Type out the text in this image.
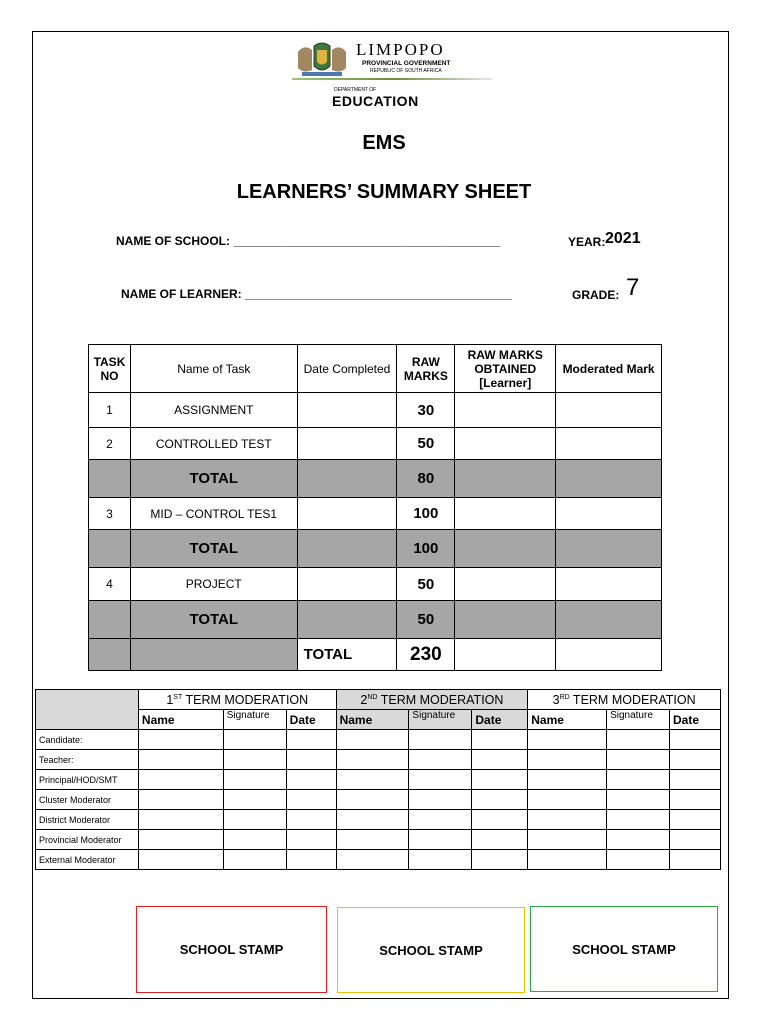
LIMPOPO
PROVINCIAL GOVERNMENT
REPUBLIC OF SOUTH AFRICA
DEPARTMENT OF
EDUCATION
EMS
LEARNERS’ SUMMARY SHEET
NAME OF SCHOOL: ________________________________________	YEAR: 2021
NAME OF LEARNER: ________________________________________	GRADE: 7
TASK NO	Name of Task	Date Completed	RAW MARKS	RAW MARKS OBTAINED [Learner]	Moderated Mark
1	ASSIGNMENT		30		
2	CONTROLLED TEST		50		
	TOTAL		80		
3	MID – CONTROL TES1		100		
	TOTAL		100		
4	PROJECT		50		
	TOTAL		50		
		TOTAL	230		
	1ST TERM MODERATION			2ND TERM MODERATION			3RD TERM MODERATION		
	Name	Signature	Date	Name	Signature	Date	Name	Signature	Date
Candidate:									
Teacher:									
Principal/HOD/SMT									
Cluster Moderator									
District Moderator									
Provincial Moderator									
External Moderator									
SCHOOL STAMP	SCHOOL STAMP	SCHOOL STAMP
